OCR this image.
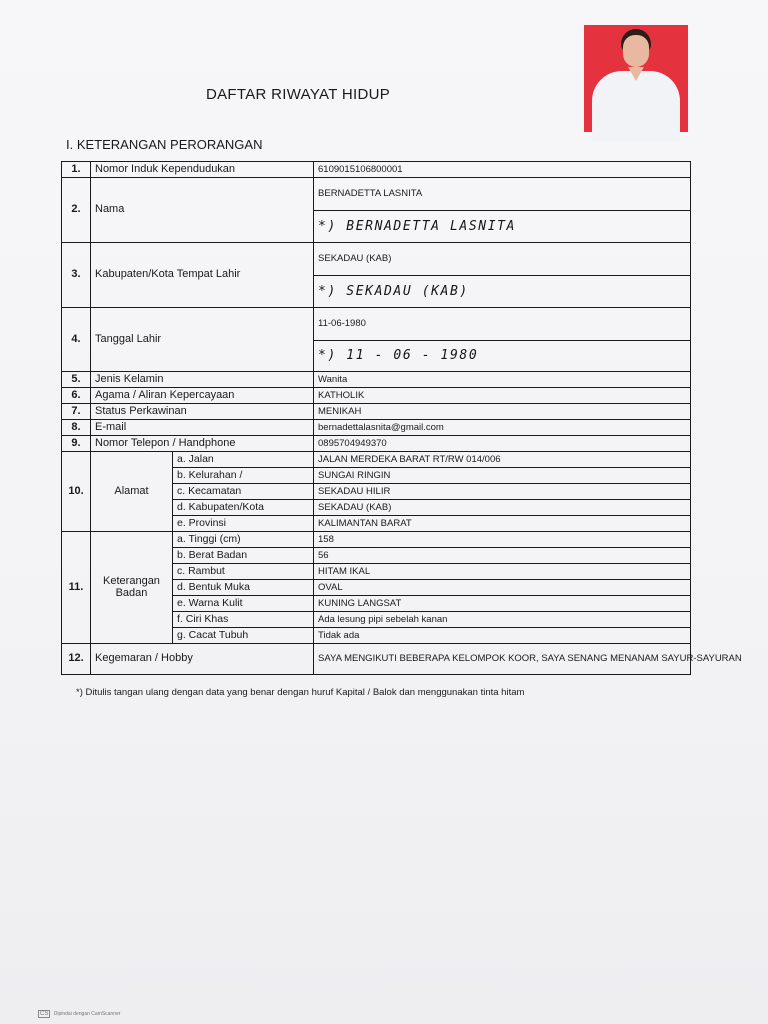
DAFTAR RIWAYAT HIDUP
I. KETERANGAN PERORANGAN
1.	Nomor Induk Kependudukan		6109015106800001
2.	Nama		BERNADETTA LASNITA
			*) BERNADETTA LASNITA
3.	Kabupaten/Kota Tempat Lahir		SEKADAU (KAB)
			*) SEKADAU (KAB)
4.	Tanggal Lahir		11-06-1980
			*) 11 - 06 - 1980
5.	Jenis Kelamin		Wanita
6.	Agama / Aliran Kepercayaan		KATHOLIK
7.	Status Perkawinan		MENIKAH
8.	E-mail		bernadettalasnita@gmail.com
9.	Nomor Telepon / Handphone		0895704949370
10.	Alamat	a. Jalan	JALAN MERDEKA BARAT RT/RW 014/006
		b. Kelurahan /	SUNGAI RINGIN
		c. Kecamatan	SEKADAU HILIR
		d. Kabupaten/Kota	SEKADAU (KAB)
		e. Provinsi	KALIMANTAN BARAT
11.	Keterangan
Badan	a. Tinggi (cm)	158
		b. Berat Badan	56
		c. Rambut	HITAM IKAL
		d. Bentuk Muka	OVAL
		e. Warna Kulit	KUNING LANGSAT
		f. Ciri Khas	Ada lesung pipi sebelah kanan
		g. Cacat Tubuh	Tidak ada
12.	Kegemaran / Hobby		SAYA MENGIKUTI BEBERAPA KELOMPOK KOOR, SAYA SENANG MENANAM SAYUR-SAYURAN
*) Ditulis tangan ulang dengan data yang benar dengan huruf Kapital / Balok dan menggunakan tinta hitam
CS Dipindai dengan CamScanner
